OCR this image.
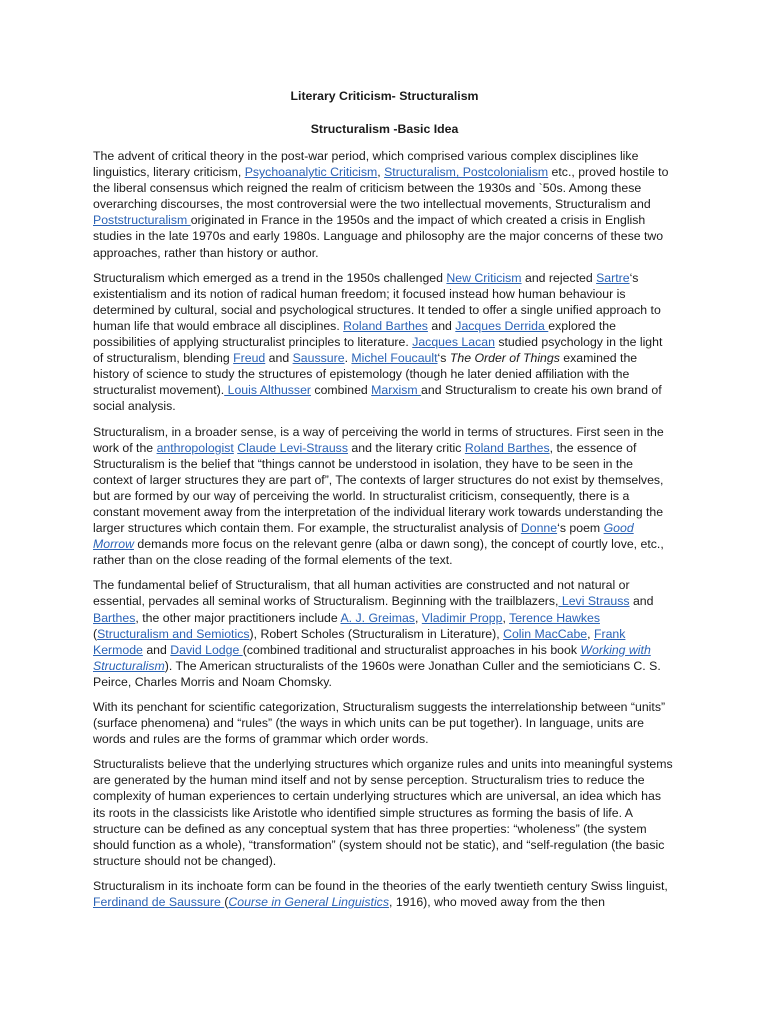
Literary Criticism- Structuralism
Structuralism -Basic Idea

The advent of critical theory in the post-war period, which comprised various complex disciplines like linguistics, literary criticism, Psychoanalytic Criticism, Structuralism, Postcolonialism etc., proved hostile to the liberal consensus which reigned the realm of criticism between the 1930s and `50s. Among these overarching discourses, the most controversial were the two intellectual movements, Structuralism and Poststructuralism originated in France in the 1950s and the impact of which created a crisis in English studies in the late 1970s and early 1980s. Language and philosophy are the major concerns of these two approaches, rather than history or author.

Structuralism which emerged as a trend in the 1950s challenged New Criticism and rejected Sartre‘s existentialism and its notion of radical human freedom; it focused instead how human behaviour is determined by cultural, social and psychological structures. It tended to offer a single unified approach to human life that would embrace all disciplines. Roland Barthes and Jacques Derrida explored the possibilities of applying structuralist principles to literature. Jacques Lacan studied psychology in the light of structuralism, blending Freud and Saussure. Michel Foucault‘s The Order of Things examined the history of science to study the structures of epistemology (though he later denied affiliation with the structuralist movement). Louis Althusser combined Marxism and Structuralism to create his own brand of social analysis.

Structuralism, in a broader sense, is a way of perceiving the world in terms of structures. First seen in the work of the anthropologist Claude Levi-Strauss and the literary critic Roland Barthes, the essence of Structuralism is the belief that “things cannot be understood in isolation, they have to be seen in the context of larger structures they are part of”, The contexts of larger structures do not exist by themselves, but are formed by our way of perceiving the world. In structuralist criticism, consequently, there is a constant movement away from the interpretation of the individual literary work towards understanding the larger structures which contain them. For example, the structuralist analysis of Donne‘s poem Good Morrow demands more focus on the relevant genre (alba or dawn song), the concept of courtly love, etc., rather than on the close reading of the formal elements of the text.

The fundamental belief of Structuralism, that all human activities are constructed and not natural or essential, pervades all seminal works of Structuralism. Beginning with the trailblazers, Levi Strauss and Barthes, the other major practitioners include A. J. Greimas, Vladimir Propp, Terence Hawkes (Structuralism and Semiotics), Robert Scholes (Structuralism in Literature), Colin MacCabe, Frank Kermode and David Lodge (combined traditional and structuralist approaches in his book Working with Structuralism). The American structuralists of the 1960s were Jonathan Culler and the semioticians C. S. Peirce, Charles Morris and Noam Chomsky.

With its penchant for scientific categorization, Structuralism suggests the interrelationship between “units” (surface phenomena) and “rules” (the ways in which units can be put together). In language, units are words and rules are the forms of grammar which order words.

Structuralists believe that the underlying structures which organize rules and units into meaningful systems are generated by the human mind itself and not by sense perception. Structuralism tries to reduce the complexity of human experiences to certain underlying structures which are universal, an idea which has its roots in the classicists like Aristotle who identified simple structures as forming the basis of life. A structure can be defined as any conceptual system that has three properties: “wholeness” (the system should function as a whole), “transformation” (system should not be static), and “self-regulation (the basic structure should not be changed).

Structuralism in its inchoate form can be found in the theories of the early twentieth century Swiss linguist, Ferdinand de Saussure (Course in General Linguistics, 1916), who moved away from the then
